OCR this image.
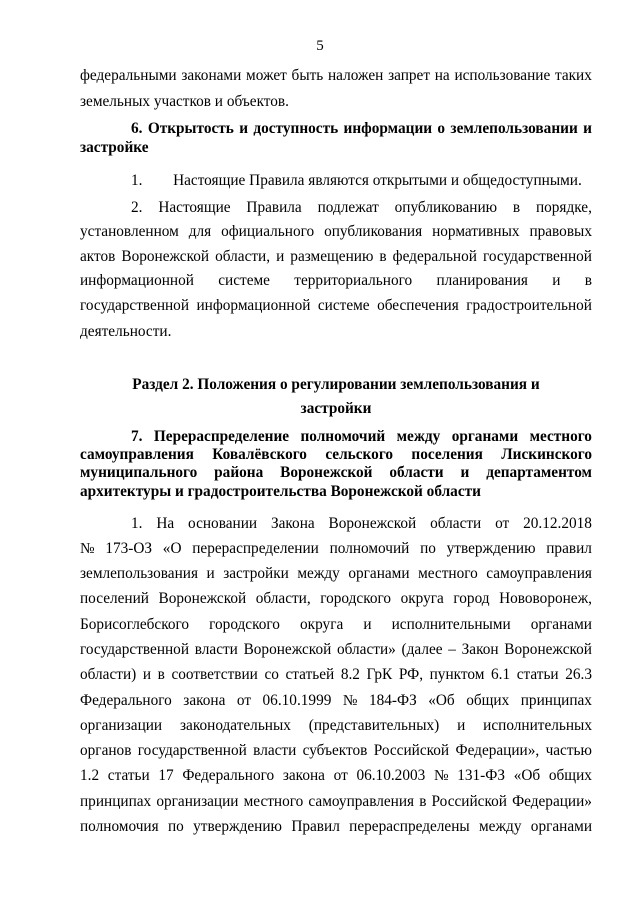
5
федеральными законами может быть наложен запрет на использование таких
земельных участков и объектов.
6. Открытость и доступность информации о землепользовании и
застройке
1.        Настоящие Правила являются открытыми и общедоступными.
2. Настоящие Правила подлежат опубликованию в порядке,
установленном для официального опубликования нормативных правовых
актов Воронежской области, и размещению в федеральной государственной
информационной системе территориального планирования и в
государственной информационной системе обеспечения градостроительной
деятельности.
Раздел 2. Положения о регулировании землепользования и
застройки
7. Перераспределение полномочий между органами местного
самоуправления Ковалёвского сельского поселения Лискинского
муниципального района Воронежской области и департаментом
архитектуры и градостроительства Воронежской области
1. На основании Закона Воронежской области от 20.12.2018
№ 173-ОЗ «О перераспределении полномочий по утверждению правил
землепользования и застройки между органами местного самоуправления
поселений Воронежской области, городского округа город Нововоронеж,
Борисоглебского городского округа и исполнительными органами
государственной власти Воронежской области» (далее – Закон Воронежской
области) и в соответствии со статьей 8.2 ГрК РФ, пунктом 6.1 статьи 26.3
Федерального закона от 06.10.1999 № 184-ФЗ «Об общих принципах
организации законодательных (представительных) и исполнительных
органов государственной власти субъектов Российской Федерации», частью
1.2 статьи 17 Федерального закона от 06.10.2003 № 131-ФЗ «Об общих
принципах организации местного самоуправления в Российской Федерации»
полномочия по утверждению Правил перераспределены между органами
